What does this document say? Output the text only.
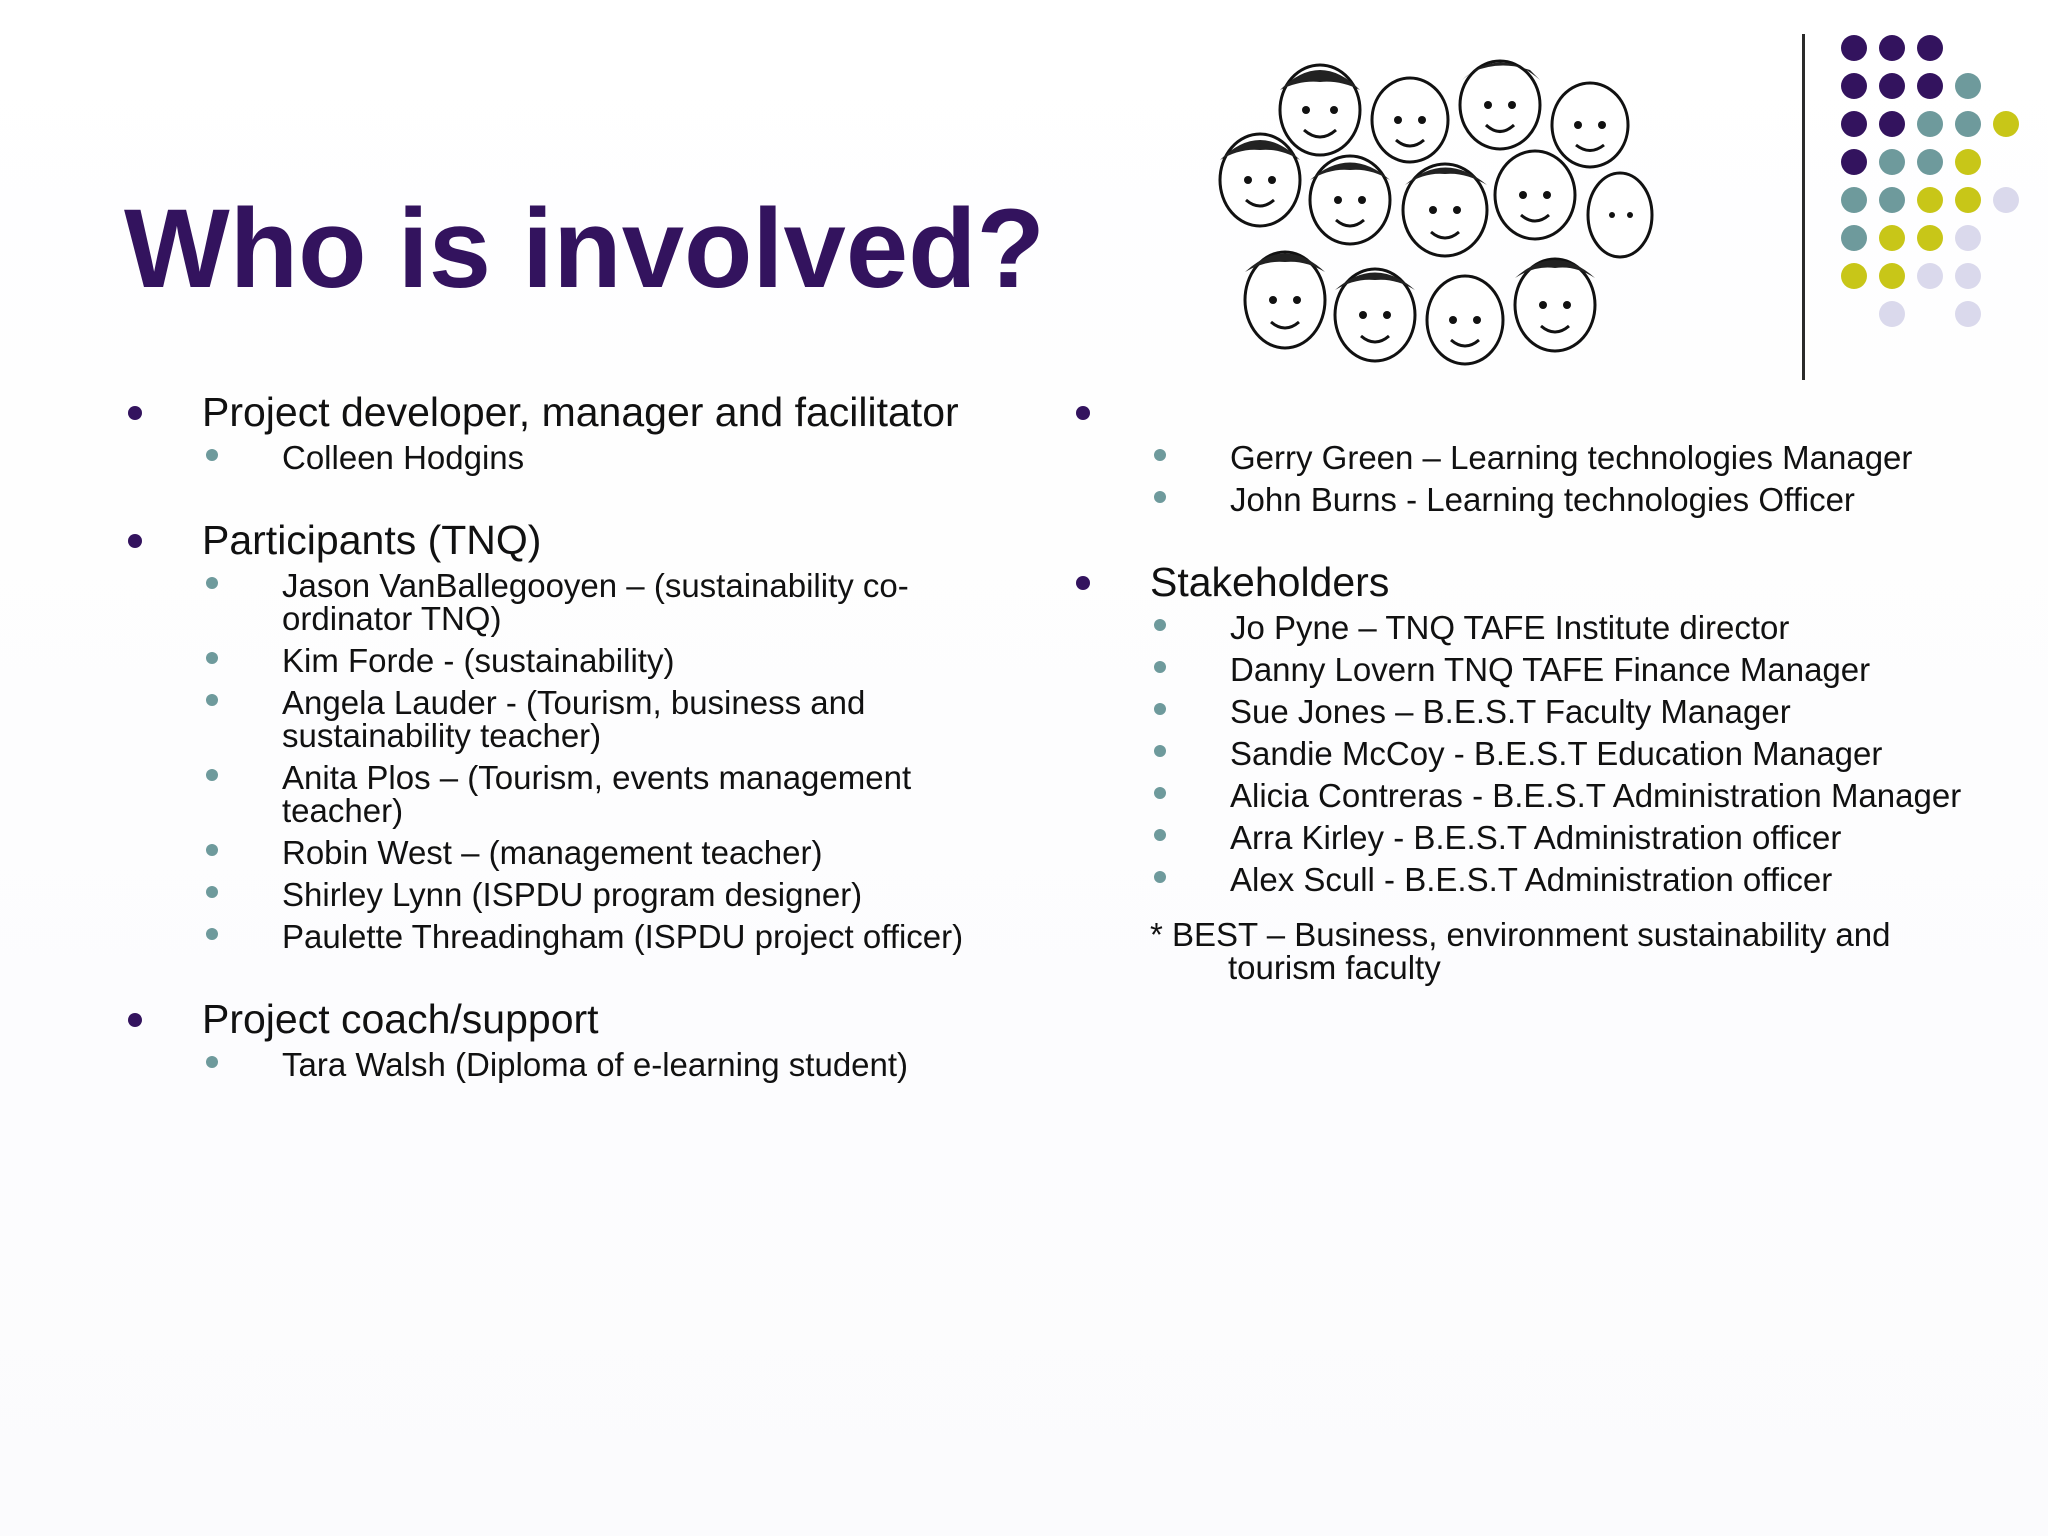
Who is involved?
Project developer, manager and facilitator
Colleen Hodgins
Participants (TNQ)
Jason VanBallegooyen – (sustainability co-ordinator TNQ)
Kim Forde - (sustainability)
Angela Lauder - (Tourism, business and sustainability teacher)
Anita Plos – (Tourism, events management teacher)
Robin West – (management teacher)
Shirley Lynn (ISPDU program designer)
Paulette Threadingham (ISPDU project officer)
Project coach/support
Tara Walsh (Diploma of e-learning student)
Gerry Green – Learning technologies Manager
John Burns - Learning technologies Officer
Stakeholders
Jo Pyne – TNQ TAFE Institute director
Danny Lovern TNQ TAFE Finance Manager
Sue Jones – B.E.S.T Faculty Manager
Sandie McCoy - B.E.S.T Education Manager
Alicia Contreras - B.E.S.T Administration Manager
Arra Kirley - B.E.S.T Administration officer
Alex Scull - B.E.S.T Administration officer
* BEST – Business, environment sustainability and
tourism faculty
